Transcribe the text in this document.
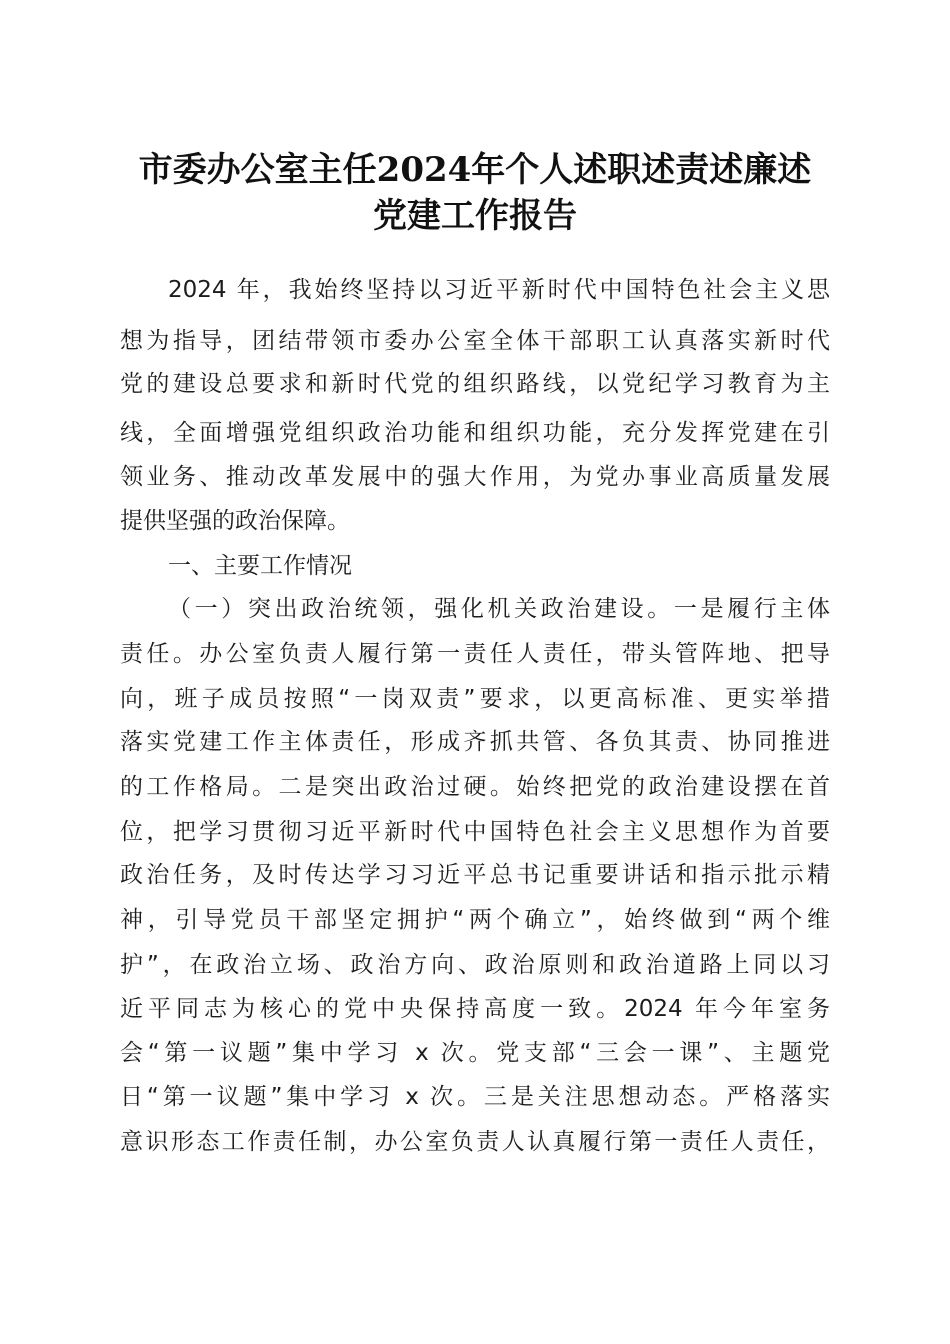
市委办公室主任2024年个人述职述责述廉述
党建工作报告
2024 年，我始终坚持以习近平新时代中国特色社会主义思
想为指导，团结带领市委办公室全体干部职工认真落实新时代
党的建设总要求和新时代党的组织路线，以党纪学习教育为主
线，全面增强党组织政治功能和组织功能，充分发挥党建在引
领业务、推动改革发展中的强大作用，为党办事业高质量发展
提供坚强的政治保障。
一、主要工作情况
（一）突出政治统领，强化机关政治建设。一是履行主体
责任。办公室负责人履行第一责任人责任，带头管阵地、把导
向，班子成员按照“一岗双责”要求，以更高标准、更实举措
落实党建工作主体责任，形成齐抓共管、各负其责、协同推进
的工作格局。二是突出政治过硬。始终把党的政治建设摆在首
位，把学习贯彻习近平新时代中国特色社会主义思想作为首要
政治任务，及时传达学习习近平总书记重要讲话和指示批示精
神，引导党员干部坚定拥护“两个确立”，始终做到“两个维
护”，在政治立场、政治方向、政治原则和政治道路上同以习
近平同志为核心的党中央保持高度一致。2024 年今年室务
会“第一议题”集中学习 x 次。党支部“三会一课”、主题党
日“第一议题”集中学习 x 次。三是关注思想动态。严格落实
意识形态工作责任制，办公室负责人认真履行第一责任人责任，
